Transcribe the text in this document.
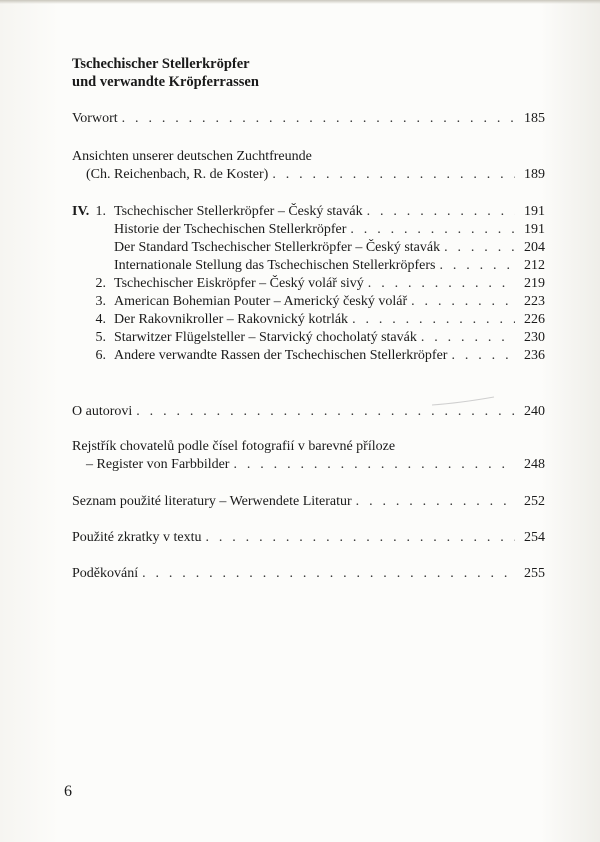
Tschechischer Stellerkröpfer
und verwandte Kröpferrassen
Vorwort . . .	185
Ansichten unserer deutschen Zuchtfreunde
(Ch. Reichenbach, R. de Koster) . . .	189
IV. 1. Tschechischer Stellerkröpfer – Český stavák . . .	191
Historie der Tschechischen Stellerkröpfer . . .	191
Der Standard Tschechischer Stellerkröpfer – Český stavák . . .	204
Internationale Stellung das Tschechischen Stellerkröpfers . . .	212
2. Tschechischer Eiskröpfer – Český volář sivý . . .	219
3. American Bohemian Pouter – Americký český volář . . .	223
4. Der Rakovnikroller – Rakovnický kotrlák . . .	226
5. Starwitzer Flügelsteller – Starvický chocholatý stavák . . .	230
6. Andere verwandte Rassen der Tschechischen Stellerkröpfer . . .	236
O autorovi . . .	240
Rejstřík chovatelů podle čísel fotografií v barevné příloze
– Register von Farbbilder . . .	248
Seznam použité literatury – Werwendete Literatur . . .	252
Použité zkratky v textu . . .	254
Poděkování . . .	255
6
